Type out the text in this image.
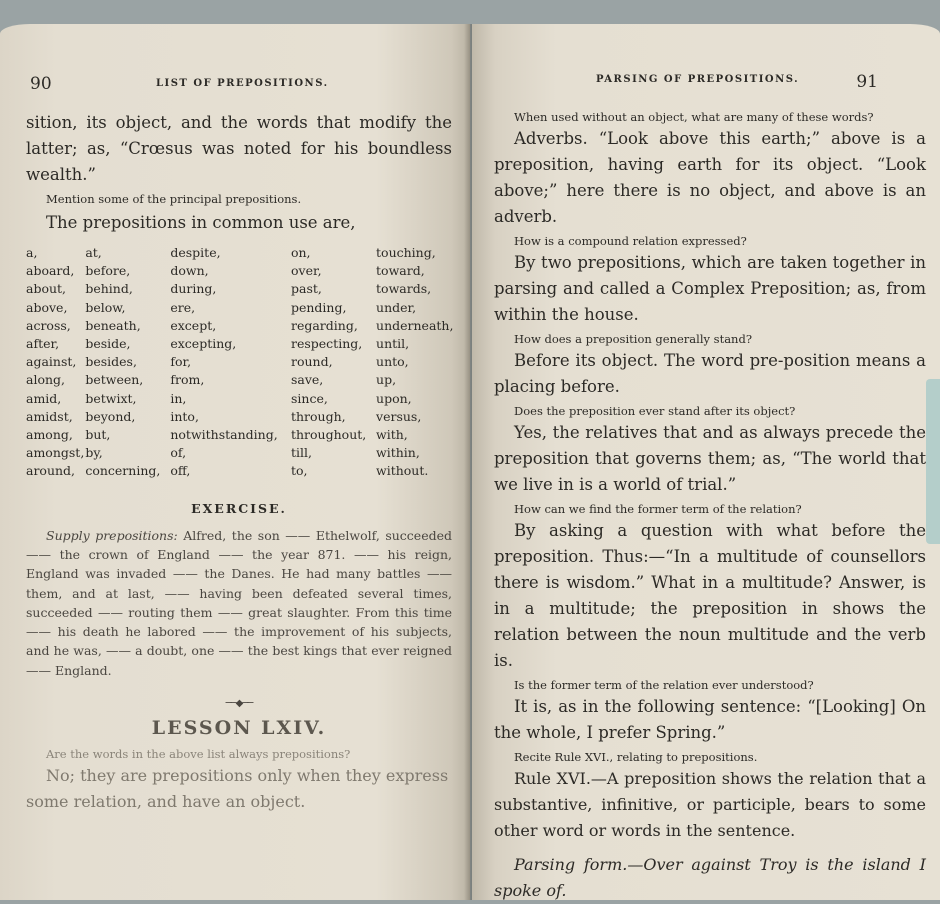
90	LIST OF PREPOSITIONS.

sition, its object, and the words that modify the latter; as, “Crœsus was noted for his boundless wealth.”

Mention some of the principal prepositions.

The prepositions in common use are,

a,
aboard,
about,
above,
across,
after,
against,
along,
amid,
amidst,
among,
amongst,
around,
at,
before,
behind,
below,
beneath,
beside,
besides,
between,
betwixt,
beyond,
but,
by,
concerning,
despite,
down,
during,
ere,
except,
excepting,
for,
from,
in,
into,
notwithstanding,
of,
off,
on,
over,
past,
pending,
regarding,
respecting,
round,
save,
since,
through,
throughout,
till,
to,
touching,
toward,
towards,
under,
underneath,
until,
unto,
up,
upon,
versus,
with,
within,
without.
EXERCISE.

Supply prepositions: Alfred, the son —— Ethelwolf, succeeded —— the crown of England —— the year 871. —— his reign, England was invaded —— the Danes. He had many battles —— them, and at last, —— having been defeated several times, succeeded —— routing them —— great slaughter. From this time —— his death he labored —— the improvement of his subjects, and he was, —— a doubt, one —— the best kings that ever reigned —— England.

──◆──
LESSON LXIV.

Are the words in the above list always prepositions?

No; they are prepositions only when they express some relation, and have an object.

PARSING OF PREPOSITIONS.	91

When used without an object, what are many of these words?

Adverbs. “Look above this earth;” above is a preposition, having earth for its object. “Look above;” here there is no object, and above is an adverb.

How is a compound relation expressed?

By two prepositions, which are taken together in parsing and called a Complex Preposition; as, from within the house.

How does a preposition generally stand?

Before its object. The word pre-position means a placing before.

Does the preposition ever stand after its object?

Yes, the relatives that and as always precede the preposition that governs them; as, “The world that we live in is a world of trial.”

How can we find the former term of the relation?

By asking a question with what before the preposition. Thus:—“In a multitude of counsellors there is wisdom.” What in a multitude? Answer, is in a multitude; the preposition in shows the relation between the noun multitude and the verb is.

Is the former term of the relation ever understood?

It is, as in the following sentence: “[Looking] On the whole, I prefer Spring.”

Recite Rule XVI., relating to prepositions.

Rule XVI.—A preposition shows the relation that a substantive, infinitive, or participle, bears to some other word or words in the sentence.

Parsing form.—Over against Troy is the island I spoke of.
